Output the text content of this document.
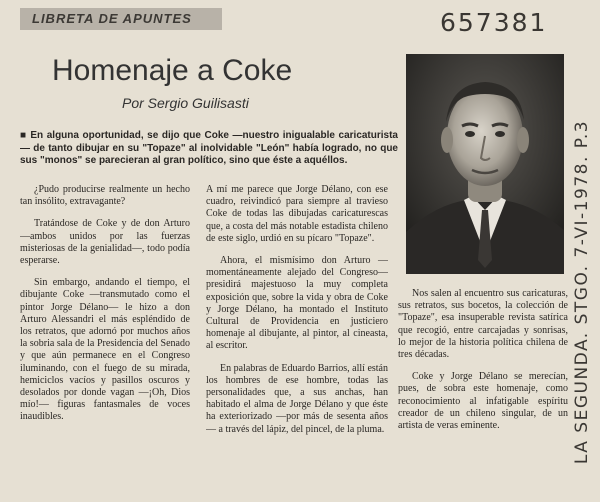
LIBRETA DE APUNTES	657381
Homenaje a Coke
Por Sergio Guilisasti

■ En alguna oportunidad, se dijo que Coke —nuestro inigualable caricaturista— de tanto dibujar en su "Topaze" al inolvidable "León" había logrado, no que sus "monos" se parecieran al gran político, sino que éste a aquéllos.

¿Pudo producirse realmente un hecho tan insólito, extravagante?

Tratándose de Coke y de don Arturo —ambos unidos por las fuerzas misteriosas de la genialidad—, todo podía esperarse.

Sin embargo, andando el tiempo, el dibujante Coke —transmutado como el pintor Jorge Délano— le hizo a don Arturo Alessandri el más espléndido de los retratos, que adornó por muchos años la sobria sala de la Presidencia del Senado y que aún permanece en el Congreso iluminando, con el fuego de su mirada, hemiciclos vacíos y pasillos oscuros y desolados por donde vagan —¡Oh, Dios mío!— figuras fantasmales de voces inaudibles.

A mí me parece que Jorge Délano, con ese cuadro, reivindicó para siempre al travieso Coke de todas las dibujadas caricaturescas que, a costa del más notable estadista chileno de este siglo, urdió en su pícaro "Topaze".

Ahora, el mismísimo don Arturo —momentáneamente alejado del Congreso— presidirá majestuoso la muy completa exposición que, sobre la vida y obra de Coke y Jorge Délano, ha montado el Instituto Cultural de Providencia en justiciero homenaje al dibujante, al pintor, al cineasta, al escritor.

En palabras de Eduardo Barrios, allí están los hombres de ese hombre, todas las personalidades que, a sus anchas, han habitado el alma de Jorge Délano y que éste ha exteriorizado —por más de sesenta años— a través del lápiz, del pincel, de la pluma.

Nos salen al encuentro sus caricaturas, sus retratos, sus bocetos, la colección de "Topaze", esa insuperable revista satírica que recogió, entre carcajadas y sonrisas, lo mejor de la historia política chilena de tres décadas.

Coke y Jorge Délano se merecían, pues, de sobra este homenaje, como reconocimiento al infatigable espíritu creador de un chileno singular, de un artista de veras eminente.	LA SEGUNDA. STGO. 7-VI-1978. P.3
